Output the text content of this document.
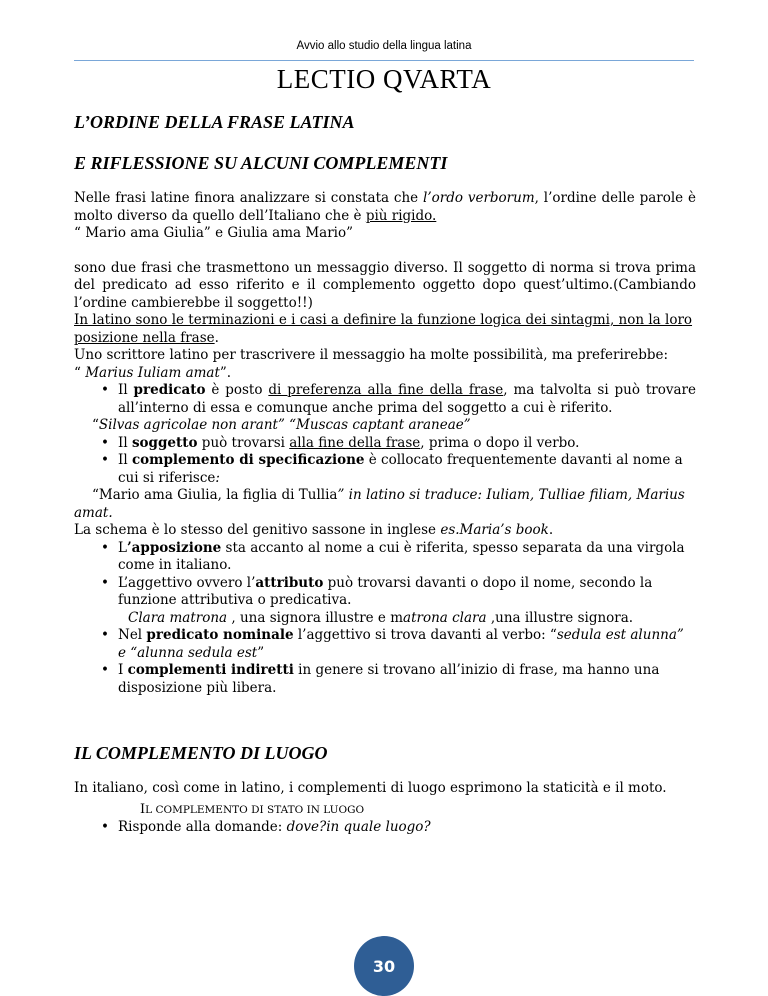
Avvio allo studio della lingua latina
LECTIO QVARTA
L’ORDINE DELLA FRASE LATINA
E RIFLESSIONE SU ALCUNI COMPLEMENTI

Nelle frasi latine finora analizzare si constata che l’ordo verborum, l’ordine delle parole è molto diverso da quello dell’Italiano che è più rigido.

“ Mario ama Giulia” e Giulia ama Mario”

sono due frasi che trasmettono un messaggio diverso. Il soggetto di norma si trova prima del predicato ad esso riferito e il complemento oggetto dopo quest’ultimo.(Cambiando l’ordine cambierebbe il soggetto!!)

In latino sono le terminazioni e i casi a definire la funzione logica dei sintagmi, non la loro posizione nella frase.

Uno scrittore latino per trascrivere il messaggio ha molte possibilità, ma preferirebbe:

“ Marius Iuliam amat”.

• Il predicato è posto di preferenza alla fine della frase, ma talvolta si può trovare all’interno di essa e comunque anche prima del soggetto a cui è riferito.

“Silvas agricolae non arant” “Muscas captant araneae”

• Il soggetto può trovarsi alla fine della frase, prima o dopo il verbo.
• Il complemento di specificazione è collocato frequentemente davanti al nome a cui si riferisce:

“Mario ama Giulia, la figlia di Tullia” in latino si traduce: Iuliam, Tulliae filiam, Marius amat.

La schema è lo stesso del genitivo sassone in inglese es.Maria’s book.

• L’apposizione sta accanto al nome a cui è riferita, spesso separata da una virgola come in italiano.
• L’aggettivo ovvero l’attributo può trovarsi davanti o dopo il nome, secondo la funzione attributiva o predicativa.
Clara matrona , una signora illustre e matrona clara ,una illustre signora.
• Nel predicato nominale l’aggettivo si trova davanti al verbo: “sedula est alunna” e “alunna sedula est”
• I complementi indiretti in genere si trovano all’inizio di frase, ma hanno una disposizione più libera.
IL COMPLEMENTO DI LUOGO

In italiano, così come in latino, i complementi di luogo esprimono la staticità e il moto.

IL COMPLEMENTO DI STATO IN LUOGO

• Risponde alla domande: dove?in quale luogo?
30
